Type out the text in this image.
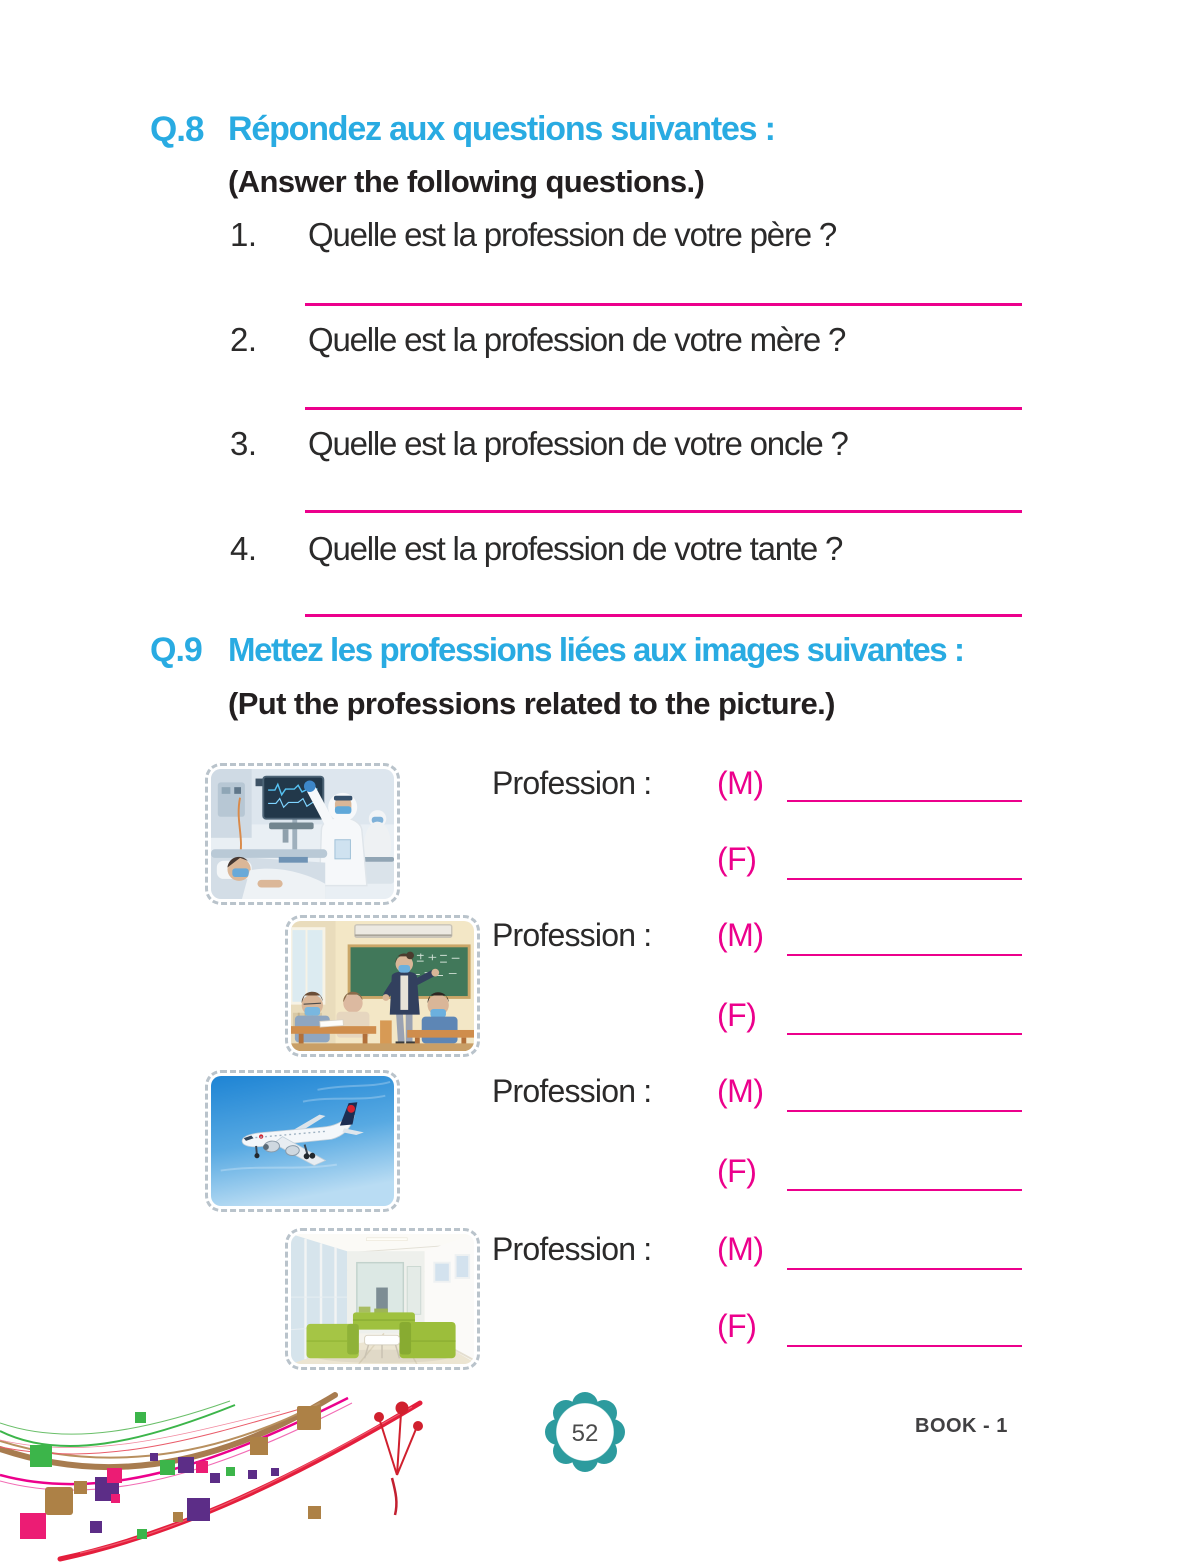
Q.8 Répondez aux questions suivantes :
(Answer the following questions.)
1. Quelle est la profession de votre père ?
2. Quelle est la profession de votre mère ?
3. Quelle est la profession de votre oncle ?
4. Quelle est la profession de votre tante ?
Q.9 Mettez les professions liées aux images suivantes :
(Put the professions related to the picture.)
Profession : (M)
(F)
Profession : (M)
(F)
Profession : (M)
(F)
Profession : (M)
(F)
52	BOOK - 1
